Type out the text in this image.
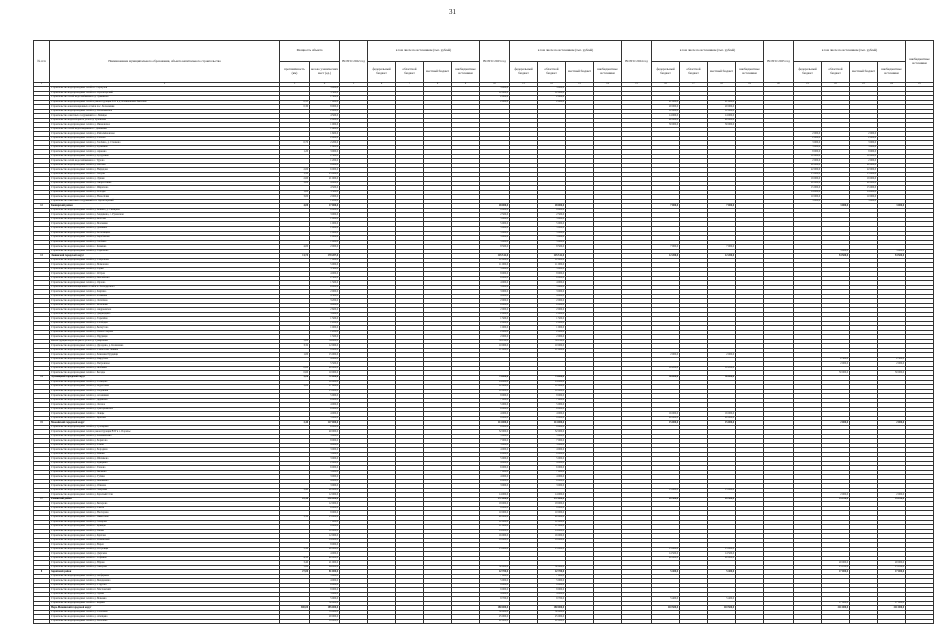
31
№ п/п	Наименование муниципального образования, объекта капитального строительства	Мощность объекта		ВСЕГО 2022 год	в том числе по источникам (тыс. рублей)				ВСЕГО 2023 год	в том числе по источникам (тыс. рублей)				ВСЕГО 2024 год	в том числе по источникам (тыс. рублей)				ВСЕГО 2025 год	в том числе по источникам (тыс. рублей)				внебюджетные источники	
		протяжённость (км)	кол-во ученических мест (ед.)		федеральный бюджет	областной бюджет	местный бюджет	внебюджетные источники		федеральный бюджет	областной бюджет	местный бюджет	внебюджетные источники		федеральный бюджет	областной бюджет	местный бюджет	внебюджетные источники		федеральный бюджет	областной бюджет	местный бюджет	внебюджетные источники		
1	2	3	4	5	6	7	8	9	10	11	12	13	14	15	16	17	18	19	20	21	22	23	24	25	
	Строительство водопроводных сетей в г. Серпухов		3 000,0						3 000,0		3 000,0														
	Строительство водопроводных сетей в п. Пролетарский		3 500,0						12 000,0		12 000,0														
	Строительство сетей водоснабжения в д. Лукьяново		1 500,0						2 000,0		2 000,0														
	Строительство водопроводных сетей и реконструкция ВЗУ в д. Калиновские Выселки	0,55	7 000,0						2 000,0		2 000,0				21 000,0		21 000,0								
	Строительство канализационных сетей в пос. Большевик	0,30	8 000,0												20 000,0		20 000,0								
	Строительство водопроводных сетей в д. Васильевское		2 000,0												12 000,0		12 000,0								
	Строительство очистных сооружений в с. Липицы		4 500,0												14 000,0		14 000,0								
	Строительство водозаборного узла в д. Туловская		2 000,0												40 000,0		40 000,0								
	Строительство водопроводных сетей в д. Ивановское		1 000,0												30 000,0		30 000,0								
	Строительство сетей водоотведения в с. Дашковка		1 400,0																						
	Строительство водопроводных сетей в д. Райсемёновское		1 600,0																	2 000,0		2 000,0			
	Строительство водопроводных сетей в д. Глазово		2 000,0																	2 000,0		2 000,0			
	Строительство водопроводных сетей в д. Злобино, д. Станково	0,70	2 200,0																	3 000,0		3 000,0			
	Строительство водопроводных сетей в д. Кузьмино		1 800,0																	3 000,0		3 000,0			
	Строительство водопроводных сетей в д. Арнеево	1,20	3 000,0																	8 000,0		8 000,0			
	Строительство водопроводных сетей в д. Бутурлино		2 500,0																	10 000,0		10 000,0			
	Строительство сетей водоснабжения в с. Турово		1 200,0																	2 000,0		2 000,0			
	Строительство водопроводных сетей в д. Шатово		8 000,0																	20 000,0		20 000,0			
	Строительство водопроводных сетей в д. Нефедово	2,00	6 000,0																	22 000,0		22 000,0			
	Строительство водопроводных сетей в с. Хатунь	1,50	25 000,0																	15 000,0		15 000,0			
	Строительство водопроводных сетей в д. Лужки	2,60	21 000,0																	19 000,0		19 000,0			
	Строительство водопроводных сетей в д. Хворостянка	3,00	4 000,0																	20 000,0		20 000,0			
	Строительство водопроводных сетей в с. Шарапово		4 500,0																	15 000,0		15 000,0			
	Строительство водопроводных сетей в д. Всходы	1,00	3 500,0																	14 000,0		14 000,0			
	Строительство водопроводных сетей в д. Новосёлки	3,00	2 000,0																	10 000,0		10 000,0			
	Строительство очистных сооружений в п. Пролетарский		1 200,0																	3 000,0		3 000,0			
12	Каширский район	4,00	17 000,0						48 000,0		48 000,0				7 000,0		7 000,0				3 000,0		3 000,0		
	Строительство водопроводных сетей в д. Кокино, д. Тимирёво		6 000,0						8 000,0		8 000,0														
	Строительство водопроводных сетей в д. Зендиково, с. Руновская		3 000,0						2 500,0		2 500,0														
	Строительство водопроводных сетей в д. Колтово		1 000,0						5 000,0		5 000,0														
	Строительство водопроводных сетей в д. Малеевка		1 000,0						5 000,0		5 000,0														
	Строительство водопроводных сетей в д. Домнино		1 000,0						5 000,0		5 000,0														
	Строительство водопроводных сетей в д. Богатищево		1 000,0						5 000,0		5 000,0														
	Строительство водопроводных сетей в д. Барабаново		1 000,0						5 000,0		5 000,0														
	Строительство водопроводных сетей в д. Злобино		1 000,0						5 000,0		5 000,0														
	Строительство водопроводных сетей в с. Каменка	4,00	2 000,0						8 500,0		8 500,0				7 000,0		7 000,0								
	Строительство водопроводных сетей в д. Тарасково																				3 000,0		3 000,0		
13	Ленинский городской округ	11,74	170 207,0						145 512,0		145 512,0				12 200,0		12 200,0				54 500,0		54 500,0		
	Строительство водопроводных сетей в д. Сапроново		7 000,0						12 000,0		12 000,0														
	Строительство водопроводных сетей в д. Мамоново		5 000,0						11 000,0		11 000,0														
	Строительство водопроводных сетей в д. Горки		3 500,0						5 000,0		5 000,0														
	Строительство водопроводных сетей в с. Остров		4 000,0						8 000,0		8 000,0														
	Строительство водопроводных сетей в д. Мисайлово		2 500,0						6 000,0		6 000,0														
	Строительство водопроводных сетей в д. Орлово		1 500,0						4 000,0		4 000,0														
	Строительство канализационных сетей в п. Володарского		6 000,0						5 000,0		5 000,0														
	Строительство водопроводных сетей в д. Картино		2 000,0						3 000,0		3 000,0														
	Строительство водопроводных сетей в п. Развилка		4 300,0						4 000,0		4 000,0														
	Строительство водопроводных сетей в д. Лопатино		3 200,0						2 000,0		2 000,0														
	Строительство водопроводных сетей в с. Молоково		4 000,0						6 000,0		6 000,0														
	Строительство водопроводных сетей в д. Андреевское		2 600,0						2 000,0		2 000,0														
	Строительство водопроводных сетей в д. Дыдылдино		3 000,0						2 000,0		2 000,0														
	Строительство водопроводных сетей в д. Тарычёво		1 500,0						1 500,0		1 500,0														
	Строительство водопроводных сетей в д. Слободка		1 200,0						2 000,0		2 000,0														
	Строительство водопроводных сетей в д. Белеутово		1 000,0						1 000,0		1 000,0														
	Строительство водопроводных сетей в д. Новое Сырово		1 200,0						2 000,0		2 000,0														
	Строительство водопроводных сетей в д. Прудищи		1 500,0						2 000,0		2 000,0														
	Реконструкция водозаборного узла в д. Сумароково	5,00	34 000,0						38 012,0		38 012,0														
	Строительство водопроводных сетей в д. Дроздово, д. Калиновка	3,32	12 000,0						10 000,0		10 000,0														
	Строительство водопроводных сетей в п. Совхоз им. Ленина		8 000,0						11 000,0		11 000,0														
	Строительство водопроводных сетей в д. Ближние Прудищи	1,00	15 000,0												2 000,0		2 000,0								
	Строительство водопроводных сетей в д. Вырубово		4 000,0																		2 500,0		2 500,0		
	Строительство водопроводных сетей в д. Петровское		5 500,0																		2 000,0		2 000,0		
	Строительство водопроводных сетей в д. Жабкино	0,82	20 000,0												10 200,0		10 200,0								
	Строительство водопроводных сетей в с. Беседы	0,60	10 000,0																		50 000,0		50 000,0		
14	Луховицкий городской округ	3,20	72 000,0						74 000,0		74 000,0				36 000,0		36 000,0								
	Строительство водопроводных сетей в д. Гольцово		10 000,0						14 000,0		14 000,0														
	Строительство водопроводных сетей в д. Фруктовая	3,20	17 000,0						12 000,0		12 000,0														
	Строительство водопроводных сетей в д. Подлипки		15 000,0						10 000,0		10 000,0														
	Строительство водопроводных сетей в д. Асошники		5 000,0						8 000,0		8 000,0														
	Строительство водопроводных сетей в с. Дединово		6 000,0						7 000,0		7 000,0														
	Строительство водопроводных сетей в д. Лесное		4 000,0						5 000,0		5 000,0														
	Строительство водопроводных сетей в д. Григорьевское		6 000,0						6 000,0		6 000,0														
	Строительство водопроводных сетей в с. Ловцы		4 000,0						4 000,0		4 000,0				16 000,0		16 000,0								
	Строительство водопроводных сетей в с. Врачово		5 000,0						8 000,0		8 000,0				20 000,0		20 000,0								
15	Можайский городской округ	3,40	127 000,0						114 000,0		114 000,0				15 000,0		15 000,0				2 000,0		2 000,0		
	Строительство водопроводных сетей в д. Тропарёво		6 000,0						8 000,0		8 000,0														
	Строительство водопроводных сетей и реконструкция ВЗУ в с. Поречье		40 000,0						32 000,0		32 000,0														
	Строительство водопроводных сетей в д. Клементьево		3 000,0						5 000,0		5 000,0														
	Строительство водопроводных сетей в д. Борисово		8 000,0						7 000,0		7 000,0														
	Строительство водопроводных сетей в д. Ельня		4 000,0						3 000,0		3 000,0														
	Строительство водопроводных сетей в д. Бородино		3 000,0						4 000,0		4 000,0														
	Строительство водопроводных сетей в д. Вёшки		5 000,0						6 000,0		6 000,0														
	Строительство водопроводных сетей в д. Шаликово		3 000,0						5 000,0		5 000,0														
	Строительство водопроводных сетей в д. Кукарино		2 000,0						4 000,0		4 000,0														
	Строительство водопроводных сетей в с. Глазово		6 000,0						6 000,0		6 000,0														
	Строительство водопроводных сетей в д. Бычково		5 000,0						7 000,0		7 000,0														
	Строительство водопроводных сетей в д. Губино		3 000,0						4 000,0		4 000,0														
	Строительство водопроводных сетей в д. Мышкино		4 000,0						6 000,0		6 000,0														
	Строительство водопроводных сетей в д. Отяково		3 000,0						3 000,0		3 000,0														
	Строительство водопроводных сетей в п. Уваровка	3,40	20 000,0												15 000,0		15 000,0								
	Строительство водопроводных сетей в д. Красный Стан		12 000,0						14 000,0		14 000,0										2 000,0		2 000,0		
17	Раменский район	22,30	250 000,0						172 000,0		172 000,0				49 500,0		49 500,0				35 100,0		35 100,0		
	Строительство водопроводных сетей в д. Бисерово		12 000,0						18 000,0		18 000,0														
	Строительство водопроводных сетей в д. Гжель		6 000,0						8 000,0		8 000,0														
	Строительство водопроводных сетей в д. Нестерово		8 000,0						10 000,0		10 000,0														
	Строительство водопроводных сетей в с. Никитское	3,30	15 000,0						20 000,0		20 000,0														
	Строительство водопроводных сетей в д. Захарово		7 000,0						12 000,0		12 000,0														
	Строительство водопроводных сетей в с. Кривцы		9 000,0						11 000,0		11 000,0														
	Строительство водопроводных сетей в д. Вялки		10 000,0						14 000,0		14 000,0														
	Строительство водопроводных сетей в д. Кратово		12 000,0						16 000,0		16 000,0														
	Строительство водопроводных сетей в п. Ильинский		14 000,0						18 000,0		18 000,0														
	Строительство водопроводных сетей в д. Верея		8 000,0																						
	Строительство водопроводных сетей в д. Островцы	5,30	20 000,0						15 000,0		15 000,0				15 000,0		15 000,0								
	Строительство водопроводных сетей в д. Дергаево		4 000,0												14 500,0		14 500,0								
	Строительство водопроводных сетей в с. Софьино	4,50	40 000,0												20 000,0		20 000,0								
	Строительство водопроводных сетей в д. Юрово	3,40	21 000,0																		20 000,0		20 000,0		
	Строительство водопроводных сетей в д. Заворово	5,80	64 000,0						30 000,0		30 000,0										15 100,0		15 100,0		
8	Зарайский район	27,00	81 000,0						42 700,0		42 700,0				5 400,0		5 400,0				17 000,0		17 000,0		
	Строительство водопроводных сетей в д. Алферьево		5 000,0						7 000,0		7 000,0														
	Строительство водопроводных сетей в д. Мендюкино		4 000,0						5 000,0		5 000,0														
	Строительство водопроводных сетей в д. Струпна		6 000,0						8 000,0		8 000,0														
	Строительство водопроводных сетей в п. Масловский		8 000,0						9 000,0		9 000,0														
	Строительство водопроводных сетей в д. Чулки		3 000,0						4 000,0		4 000,0														
	Строительство водопроводных сетей в д. Макеево		5 000,0						9 700,0		9 700,0				5 400,0		5 400,0								
	Строительство водопроводных сетей в с. Карино		50 000,0																		17 000,0		17 000,0		
	Наро-Фоминский городской округ	300,00	185 000,0						180 000,0		180 000,0				110 500,0		110 500,0				241 000,0		241 000,0		
	Строительство водопроводных сетей в д. Селятино		35 000,0						30 000,0		30 000,0														
	Строительство водопроводных сетей в д. Атепцево		20 000,0						25 000,0		25 000,0														
	Строительство водопроводных сетей в д. Веселёво		18 000,0						22 000,0		22 000,0														
